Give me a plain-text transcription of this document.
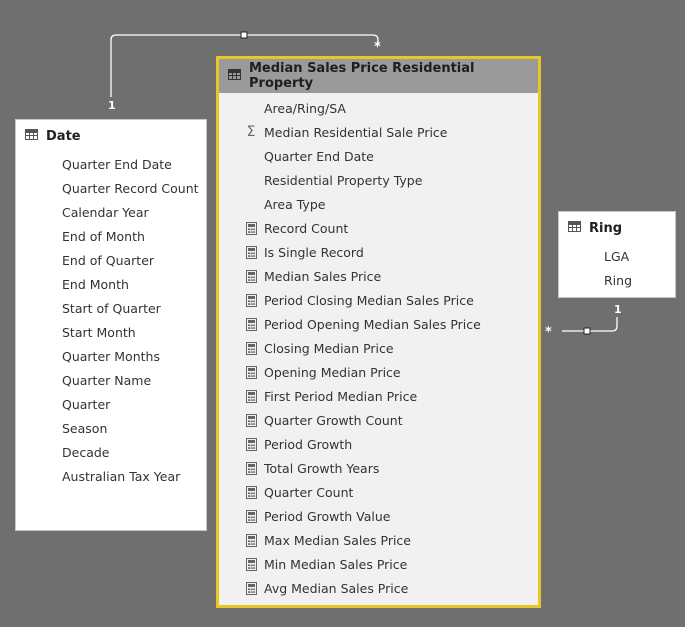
1
*
1
*
Date
Quarter End Date
Quarter Record Count
Calendar Year
End of Month
End of Quarter
End Month
Start of Quarter
Start Month
Quarter Months
Quarter Name
Quarter
Season
Decade
Australian Tax Year
Median Sales Price Residential Property
Area/Ring/SA
Σ Median Residential Sale Price
Quarter End Date
Residential Property Type
Area Type
Record Count
Is Single Record
Median Sales Price
Period Closing Median Sales Price
Period Opening Median Sales Price
Closing Median Price
Opening Median Price
First Period Median Price
Quarter Growth Count
Period Growth
Total Growth Years
Quarter Count
Period Growth Value
Max Median Sales Price
Min Median Sales Price
Avg Median Sales Price
Ring
LGA
Ring
